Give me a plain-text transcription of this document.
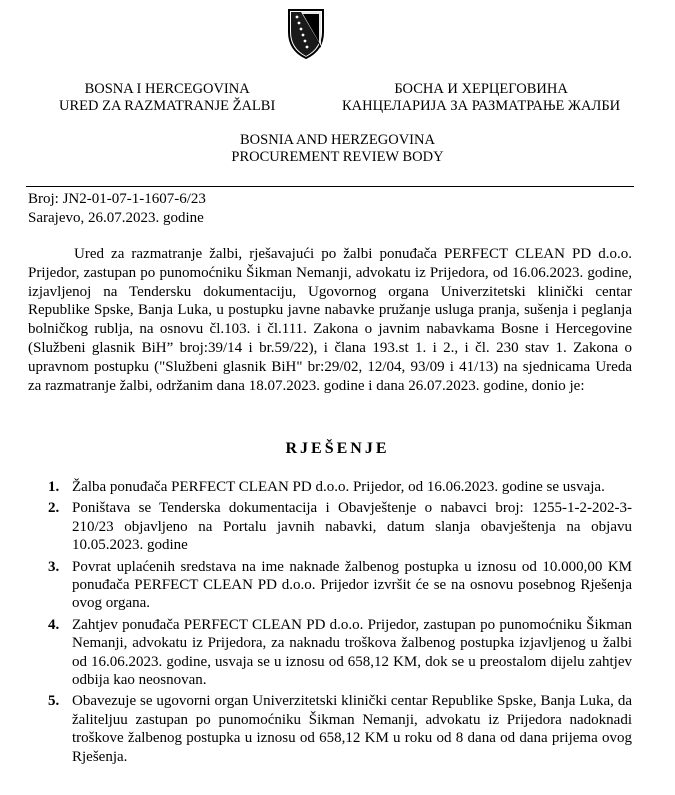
BOSNA I HERCEGOVINA
URED ZA RAZMATRANJE ŽALBI
БОСНА И ХЕРЦЕГОВИНА
КАНЦЕЛАРИЈА ЗА РАЗМАТРАЊЕ ЖАЛБИ
BOSNIA AND HERZEGOVINA
PROCUREMENT REVIEW BODY
Broj: JN2-01-07-1-1607-6/23
Sarajevo, 26.07.2023. godine
Ured za razmatranje žalbi, rješavajući po žalbi ponuđača PERFECT CLEAN PD d.o.o. Prijedor, zastupan po punomoćniku Šikman Nemanji, advokatu iz Prijedora, od 16.06.2023. godine, izjavljenoj na Tendersku dokumentaciju, Ugovornog organa Univerzitetski klinički centar Republike Spske, Banja Luka, u postupku javne nabavke pružanje usluga pranja, sušenja i peglanja bolničkog rublja, na osnovu čl.103. i čl.111. Zakona o javnim nabavkama Bosne i Hercegovine (Službeni glasnik BiH” broj:39/14 i br.59/22), i člana 193.st 1. i 2., i čl. 230 stav 1. Zakona o upravnom postupku ("Službeni glasnik BiH" br:29/02, 12/04, 93/09 i 41/13) na sjednicama Ureda za razmatranje žalbi, održanim dana 18.07.2023. godine i dana 26.07.2023. godine, donio je:
RJEŠENJE
1. Žalba ponuđača PERFECT CLEAN PD d.o.o. Prijedor, od 16.06.2023. godine se usvaja.
2. Poništava se Tenderska dokumentacija i Obavještenje o nabavci broj: 1255-1-2-202-3-210/23 objavljeno na Portalu javnih nabavki, datum slanja obavještenja na objavu 10.05.2023. godine
3. Povrat uplaćenih sredstava na ime naknade žalbenog postupka u iznosu od 10.000,00 KM ponuđača PERFECT CLEAN PD d.o.o. Prijedor izvršit će se na osnovu posebnog Rješenja ovog organa.
4. Zahtjev ponuđača PERFECT CLEAN PD d.o.o. Prijedor, zastupan po punomoćniku Šikman Nemanji, advokatu iz Prijedora, za naknadu troškova žalbenog postupka izjavljenog u žalbi od 16.06.2023. godine, usvaja se u iznosu od 658,12 KM, dok se u preostalom dijelu zahtjev odbija kao neosnovan.
5. Obavezuje se ugovorni organ Univerzitetski klinički centar Republike Spske, Banja Luka, da žaliteljuu zastupan po punomoćniku Šikman Nemanji, advokatu iz Prijedora nadoknadi troškove žalbenog postupka u iznosu od 658,12 KM u roku od 8 dana od dana prijema ovog Rješenja.
